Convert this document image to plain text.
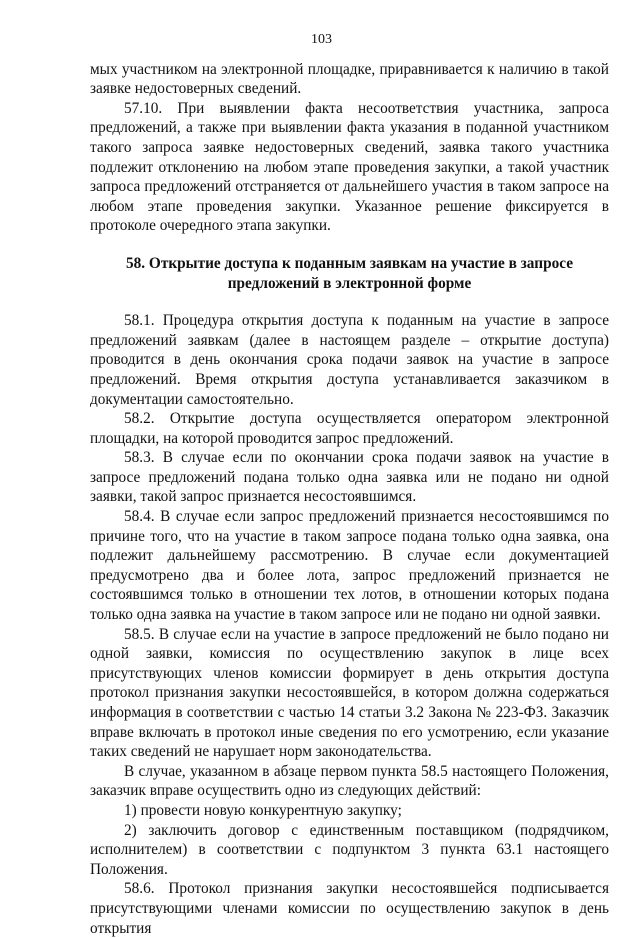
103

мых участником на электронной площадке, приравнивается к наличию в такой заявке недостоверных сведений.

57.10. При выявлении факта несоответствия участника, запроса предложений, а также при выявлении факта указания в поданной участником такого запроса заявке недостоверных сведений, заявка такого участника подлежит отклонению на любом этапе проведения закупки, а такой участник запроса предложений отстраняется от дальнейшего участия в таком запросе на любом этапе проведения закупки. Указанное решение фиксируется в протоколе очередного этапа закупки.

58. Открытие доступа к поданным заявкам на участие в запросе предложений в электронной форме

58.1. Процедура открытия доступа к поданным на участие в запросе предложений заявкам (далее в настоящем разделе – открытие доступа) проводится в день окончания срока подачи заявок на участие в запросе предложений. Время открытия доступа устанавливается заказчиком в документации самостоятельно.

58.2. Открытие доступа осуществляется оператором электронной площадки, на которой проводится запрос предложений.

58.3. В случае если по окончании срока подачи заявок на участие в запросе предложений подана только одна заявка или не подано ни одной заявки, такой запрос признается несостоявшимся.

58.4. В случае если запрос предложений признается несостоявшимся по причине того, что на участие в таком запросе подана только одна заявка, она подлежит дальнейшему рассмотрению. В случае если документацией предусмотрено два и более лота, запрос предложений признается не состоявшимся только в отношении тех лотов, в отношении которых подана только одна заявка на участие в таком запросе или не подано ни одной заявки.

58.5. В случае если на участие в запросе предложений не было подано ни одной заявки, комиссия по осуществлению закупок в лице всех присутствующих членов комиссии формирует в день открытия доступа протокол признания закупки несостоявшейся, в котором должна содержаться информация в соответствии с частью 14 статьи 3.2 Закона № 223-ФЗ. Заказчик вправе включать в протокол иные сведения по его усмотрению, если указание таких сведений не нарушает норм законодательства.

В случае, указанном в абзаце первом пункта 58.5 настоящего Положения, заказчик вправе осуществить одно из следующих действий:

1) провести новую конкурентную закупку;

2) заключить договор с единственным поставщиком (подрядчиком, исполнителем) в соответствии с подпунктом 3 пункта 63.1 настоящего Положения.

58.6. Протокол признания закупки несостоявшейся подписывается присутствующими членами комиссии по осуществлению закупок в день открытия
